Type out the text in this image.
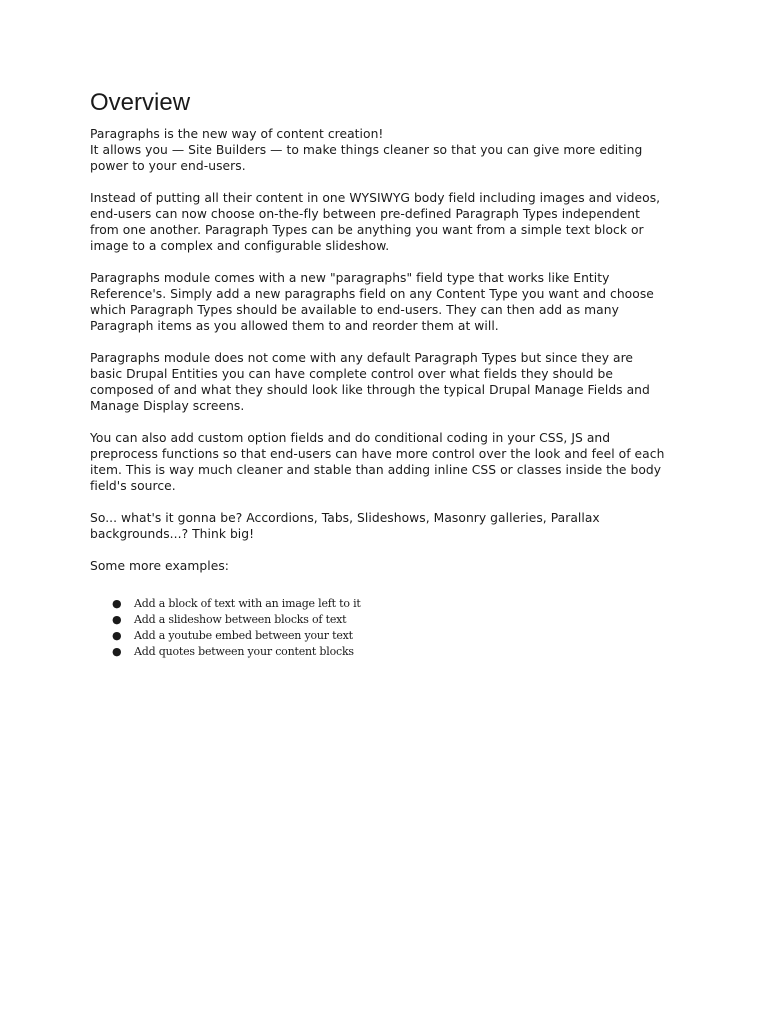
Overview

Paragraphs is the new way of content creation!
It allows you — Site Builders — to make things cleaner so that you can give more editing
power to your end-users.

Instead of putting all their content in one WYSIWYG body field including images and videos,
end-users can now choose on-the-fly between pre-defined Paragraph Types independent
from one another. Paragraph Types can be anything you want from a simple text block or
image to a complex and configurable slideshow.

Paragraphs module comes with a new "paragraphs" field type that works like Entity
Reference's. Simply add a new paragraphs field on any Content Type you want and choose
which Paragraph Types should be available to end-users. They can then add as many
Paragraph items as you allowed them to and reorder them at will.

Paragraphs module does not come with any default Paragraph Types but since they are
basic Drupal Entities you can have complete control over what fields they should be
composed of and what they should look like through the typical Drupal Manage Fields and
Manage Display screens.

You can also add custom option fields and do conditional coding in your CSS, JS and
preprocess functions so that end-users can have more control over the look and feel of each
item. This is way much cleaner and stable than adding inline CSS or classes inside the body
field's source.

So... what's it gonna be? Accordions, Tabs, Slideshows, Masonry galleries, Parallax
backgrounds...? Think big!

Some more examples:

● Add a block of text with an image left to it
● Add a slideshow between blocks of text
● Add a youtube embed between your text
● Add quotes between your content blocks
